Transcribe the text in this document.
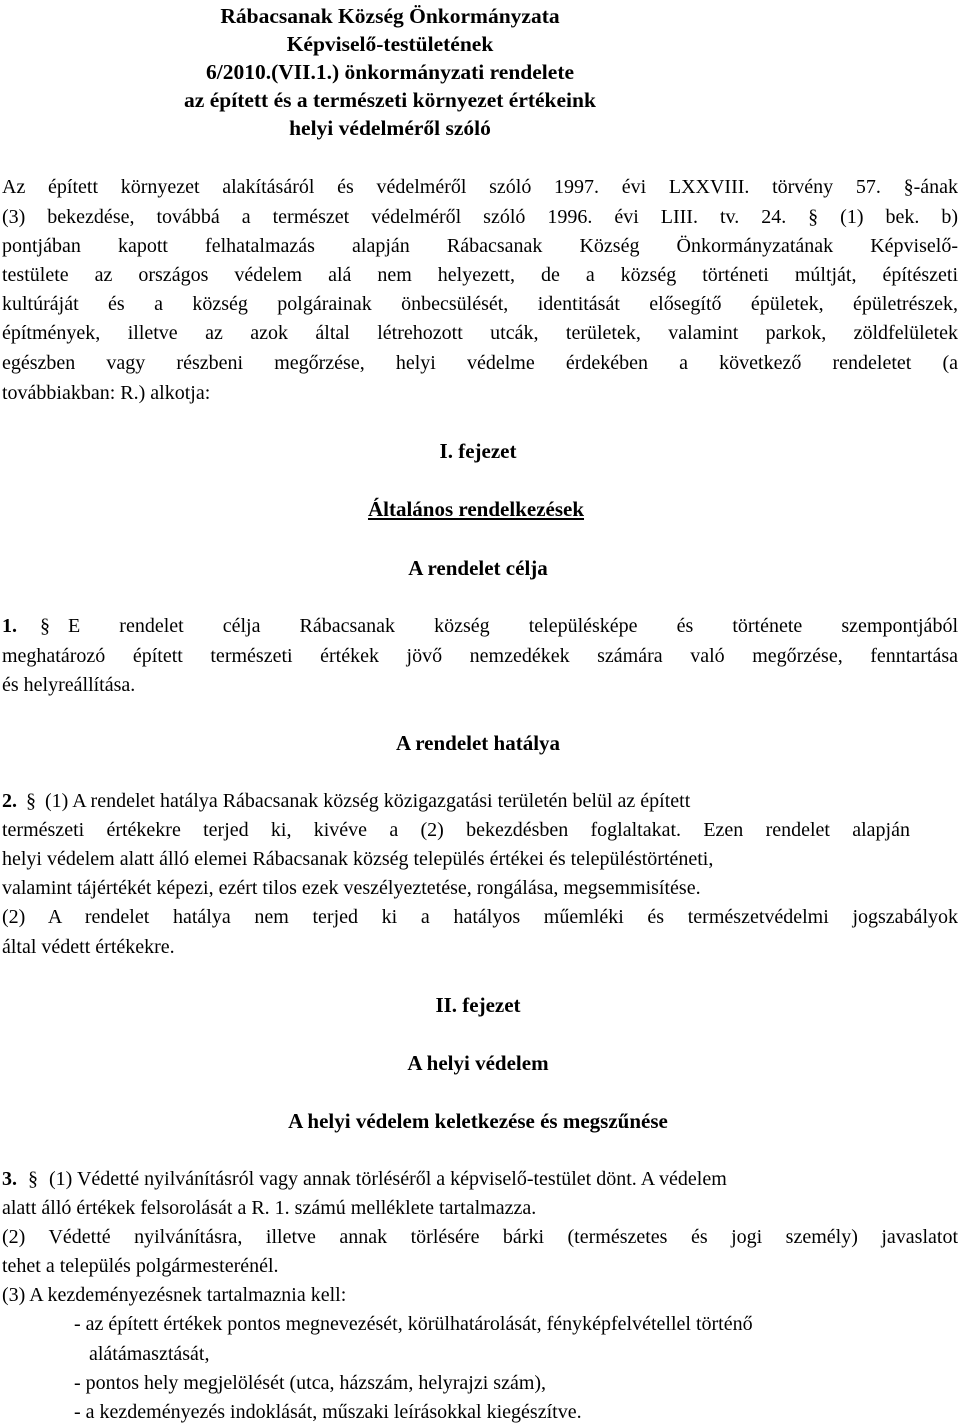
Rábacsanak Község Önkormányzata
Képviselő-testületének
6/2010.(VII.1.) önkormányzati rendelete
az épített és a természeti környezet értékeink
helyi védelméről szóló
Az épített környezet alakításáról és védelméről szóló 1997. évi LXXVIII. törvény 57. §-ának
(3) bekezdése, továbbá a természet védelméről szóló 1996. évi LIII. tv. 24. § (1) bek. b)
pontjában kapott felhatalmazás alapján Rábacsanak Község Önkormányzatának Képviselő-
testülete az országos védelem alá nem helyezett, de a község történeti múltját, építészeti
kultúráját és a község polgárainak önbecsülését, identitását elősegítő épületek, épületrészek,
építmények, illetve az azok által létrehozott utcák, területek, valamint parkok, zöldfelületek
egészben vagy részbeni megőrzése, helyi védelme érdekében a következő rendeletet (a
továbbiakban: R.) alkotja:
I. fejezet
Általános rendelkezések
A rendelet célja
1.	§ E rendelet célja Rábacsanak község településképe és története szempontjából
meghatározó épített természeti értékek jövő nemzedékek számára való megőrzése, fenntartása
és helyreállítása.
A rendelet hatálya
2. § (1) A rendelet hatálya Rábacsanak község közigazgatási területén belül az épített
természeti értékekre terjed ki, kivéve a (2) bekezdésben foglaltakat. Ezen rendelet alapján
helyi védelem alatt álló elemei Rábacsanak község település értékei és településtörténeti,
valamint tájértékét képezi, ezért tilos ezek veszélyeztetése, rongálása, megsemmisítése.
(2) A rendelet hatálya nem terjed ki a hatályos műemléki és természetvédelmi jogszabályok
által védett értékekre.
II. fejezet
A helyi védelem
A helyi védelem keletkezése és megszűnése
3. § (1) Védetté nyilvánításról vagy annak törléséről a képviselő-testület dönt. A védelem
alatt álló értékek felsorolását a R. 1. számú melléklete tartalmazza.
(2) Védetté nyilvánításra, illetve annak törlésére bárki (természetes és jogi személy) javaslatot
tehet a település polgármesterénél.
(3) A kezdeményezésnek tartalmaznia kell:
- az épített értékek pontos megnevezését, körülhatárolását, fényképfelvétellel történő
alátámasztását,
- pontos hely megjelölését (utca, házszám, helyrajzi szám),
- a kezdeményezés indoklását, műszaki leírásokkal kiegészítve.
